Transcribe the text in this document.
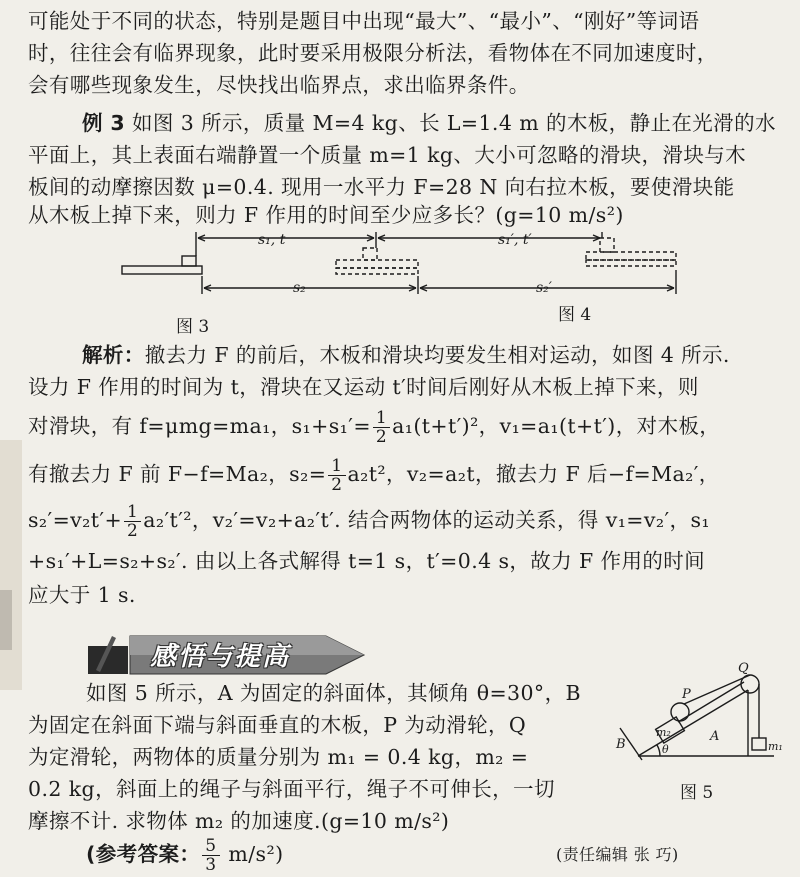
可能处于不同的状态，特别是题目中出现“最大”、“最小”、“刚好”等词语
时，往往会有临界现象，此时要采用极限分析法，看物体在不同加速度时，
会有哪些现象发生，尽快找出临界点，求出临界条件。
例 3 如图 3 所示，质量 M=4 kg、长 L=1.4 m 的木板，静止在光滑的水
平面上，其上表面右端静置一个质量 m=1 kg、大小可忽略的滑块，滑块与木
板间的动摩擦因数 μ=0.4. 现用一水平力 F=28 N 向右拉木板，要使滑块能
从木板上掉下来，则力 F 作用的时间至少应多长？(g=10 m/s²)
s₁, t
s₂
s₁′, t′
s₂′
图 3
图 4
解析：撤去力 F 的前后，木板和滑块均要发生相对运动，如图 4 所示.
设力 F 作用的时间为 t，滑块在又运动 t′时间后刚好从木板上掉下来，则
对滑块，有 f=μmg=ma₁，$s_1+s_1'= \frac{1}{2} a_1(t+t')^2$，v₁=a₁(t+t′)，对木板，
有撤去力 F 前 F−f=Ma₂，$s_2= \frac{1}{2} a_2t^2$，v₂=a₂t，撤去力 F 后−f=Ma₂′，
$s_2'=v_2t'+ \frac{1}{2} a_2't'^2$，v₂′=v₂+a₂′t′. 结合两物体的运动关系，得 v₁=v₂′，s₁
+s₁′+L=s₂+s₂′. 由以上各式解得 t=1 s，t′=0.4 s，故力 F 作用的时间
应大于 1 s.
感悟与提高
如图 5 所示，A 为固定的斜面体，其倾角 θ=30°，B
为固定在斜面下端与斜面垂直的木板，P 为动滑轮，Q
为定滑轮，两物体的质量分别为 m₁ = 0.4 kg，m₂ =
0.2 kg，斜面上的绳子与斜面平行，绳子不可伸长，一切
摩擦不计. 求物体 m₂ 的加速度.(g=10 m/s²)
P
Q
m₂
m₁
B
A
θ
图 5
(参考答案： $\frac{5}{3} m/s^2$)	(责任编辑 张 巧)
